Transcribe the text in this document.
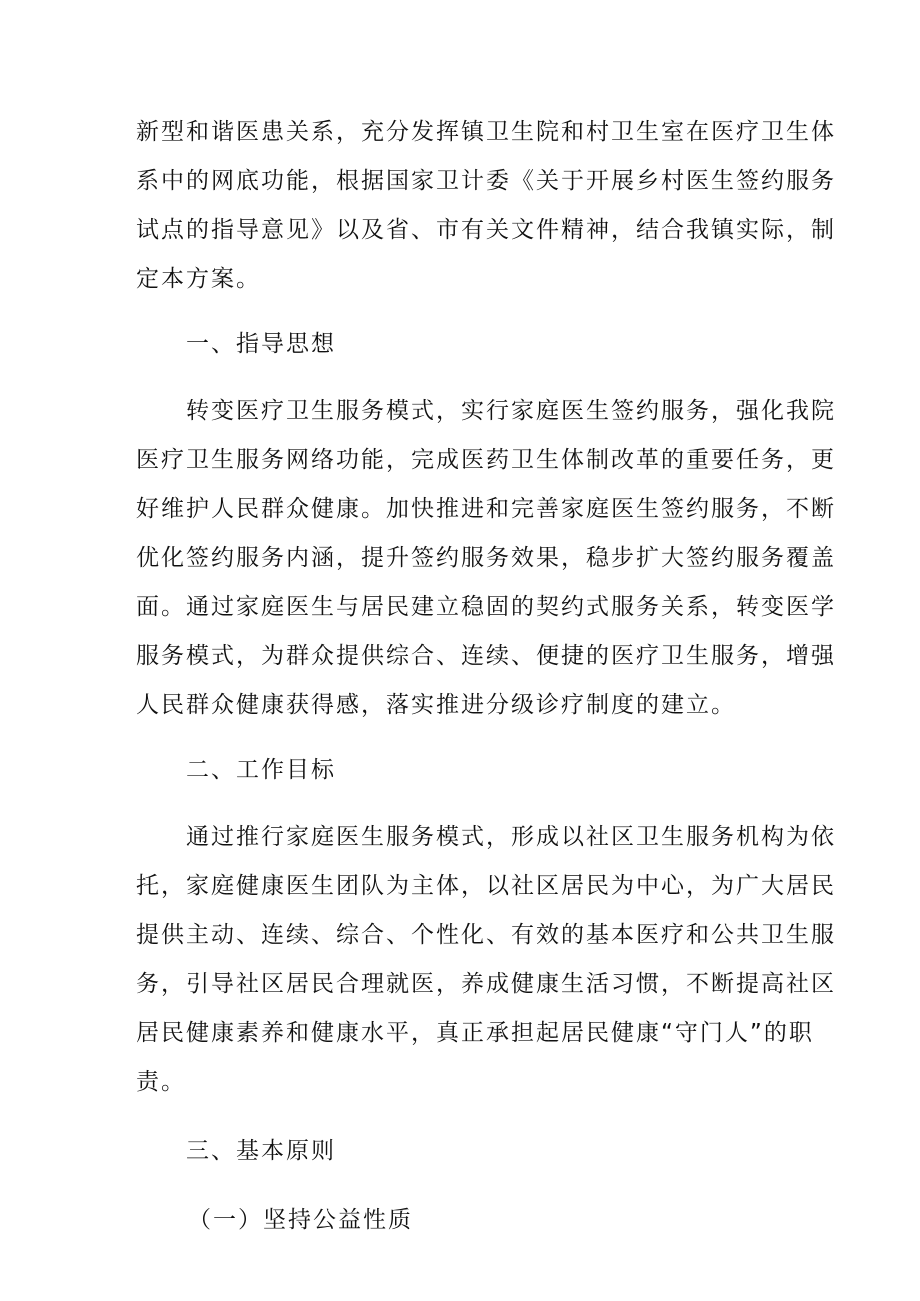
新型和谐医患关系，充分发挥镇卫生院和村卫生室在医疗卫生体
系中的网底功能，根据国家卫计委《关于开展乡村医生签约服务
试点的指导意见》以及省、市有关文件精神，结合我镇实际，制
定本方案。
一、指导思想
转变医疗卫生服务模式，实行家庭医生签约服务，强化我院
医疗卫生服务网络功能，完成医药卫生体制改革的重要任务，更
好维护人民群众健康。加快推进和完善家庭医生签约服务，不断
优化签约服务内涵，提升签约服务效果，稳步扩大签约服务覆盖
面。通过家庭医生与居民建立稳固的契约式服务关系，转变医学
服务模式，为群众提供综合、连续、便捷的医疗卫生服务，增强
人民群众健康获得感，落实推进分级诊疗制度的建立。
二、工作目标
通过推行家庭医生服务模式，形成以社区卫生服务机构为依
托，家庭健康医生团队为主体，以社区居民为中心，为广大居民
提供主动、连续、综合、个性化、有效的基本医疗和公共卫生服
务，引导社区居民合理就医，养成健康生活习惯，不断提高社区
居民健康素养和健康水平，真正承担起居民健康“守门人”的职
责。
三、基本原则
（一）坚持公益性质
